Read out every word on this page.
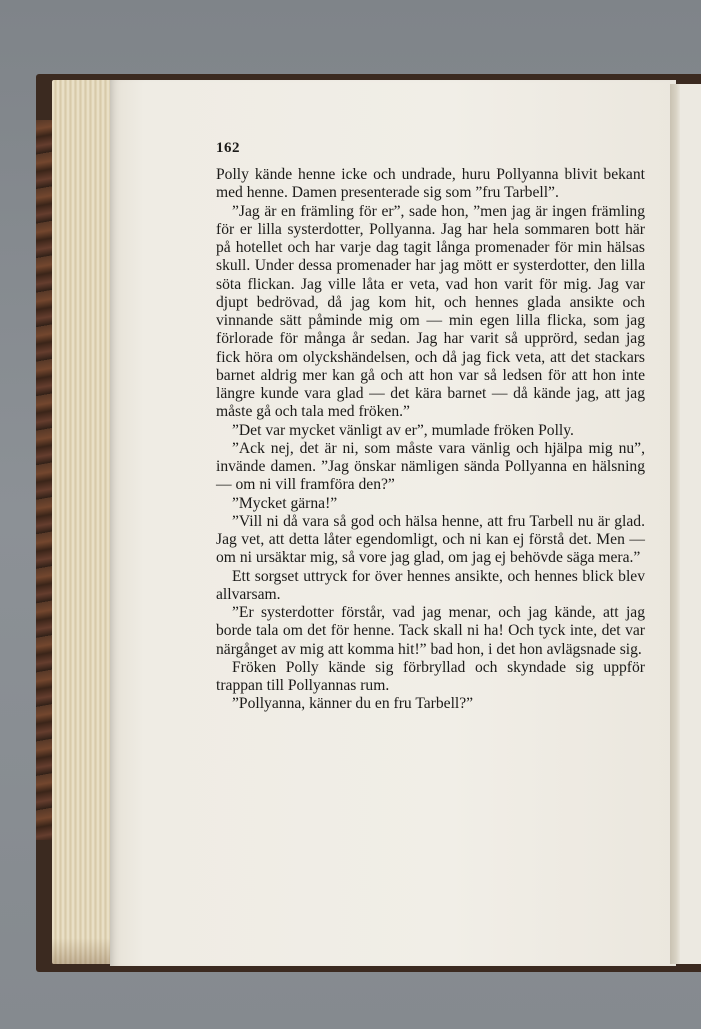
162

Polly kände henne icke och undrade, huru Pollyanna blivit bekant med henne. Damen presenterade sig som ”fru Tarbell”.

”Jag är en främling för er”, sade hon, ”men jag är ingen främling för er lilla systerdotter, Pollyanna. Jag har hela sommaren bott här på hotellet och har varje dag tagit långa promenader för min hälsas skull. Under dessa promenader har jag mött er systerdotter, den lilla söta flickan. Jag ville låta er veta, vad hon varit för mig. Jag var djupt bedrövad, då jag kom hit, och hennes glada ansikte och vinnande sätt påminde mig om — min egen lilla flicka, som jag förlorade för många år sedan. Jag har varit så upprörd, sedan jag fick höra om olyckshändelsen, och då jag fick veta, att det stackars barnet aldrig mer kan gå och att hon var så ledsen för att hon inte längre kunde vara glad — det kära barnet — då kände jag, att jag måste gå och tala med fröken.”

”Det var mycket vänligt av er”, mumlade fröken Polly.

”Ack nej, det är ni, som måste vara vänlig och hjälpa mig nu”, invände damen. ”Jag önskar nämligen sända Pollyanna en hälsning — om ni vill framföra den?”

”Mycket gärna!”

”Vill ni då vara så god och hälsa henne, att fru Tarbell nu är glad. Jag vet, att detta låter egendomligt, och ni kan ej förstå det. Men — om ni ursäktar mig, så vore jag glad, om jag ej behövde säga mera.”

Ett sorgset uttryck for över hennes ansikte, och hennes blick blev allvarsam.

”Er systerdotter förstår, vad jag menar, och jag kände, att jag borde tala om det för henne. Tack skall ni ha! Och tyck inte, det var närgånget av mig att komma hit!” bad hon, i det hon avlägsnade sig.

Fröken Polly kände sig förbryllad och skyndade sig uppför trappan till Pollyannas rum.

”Pollyanna, känner du en fru Tarbell?”
